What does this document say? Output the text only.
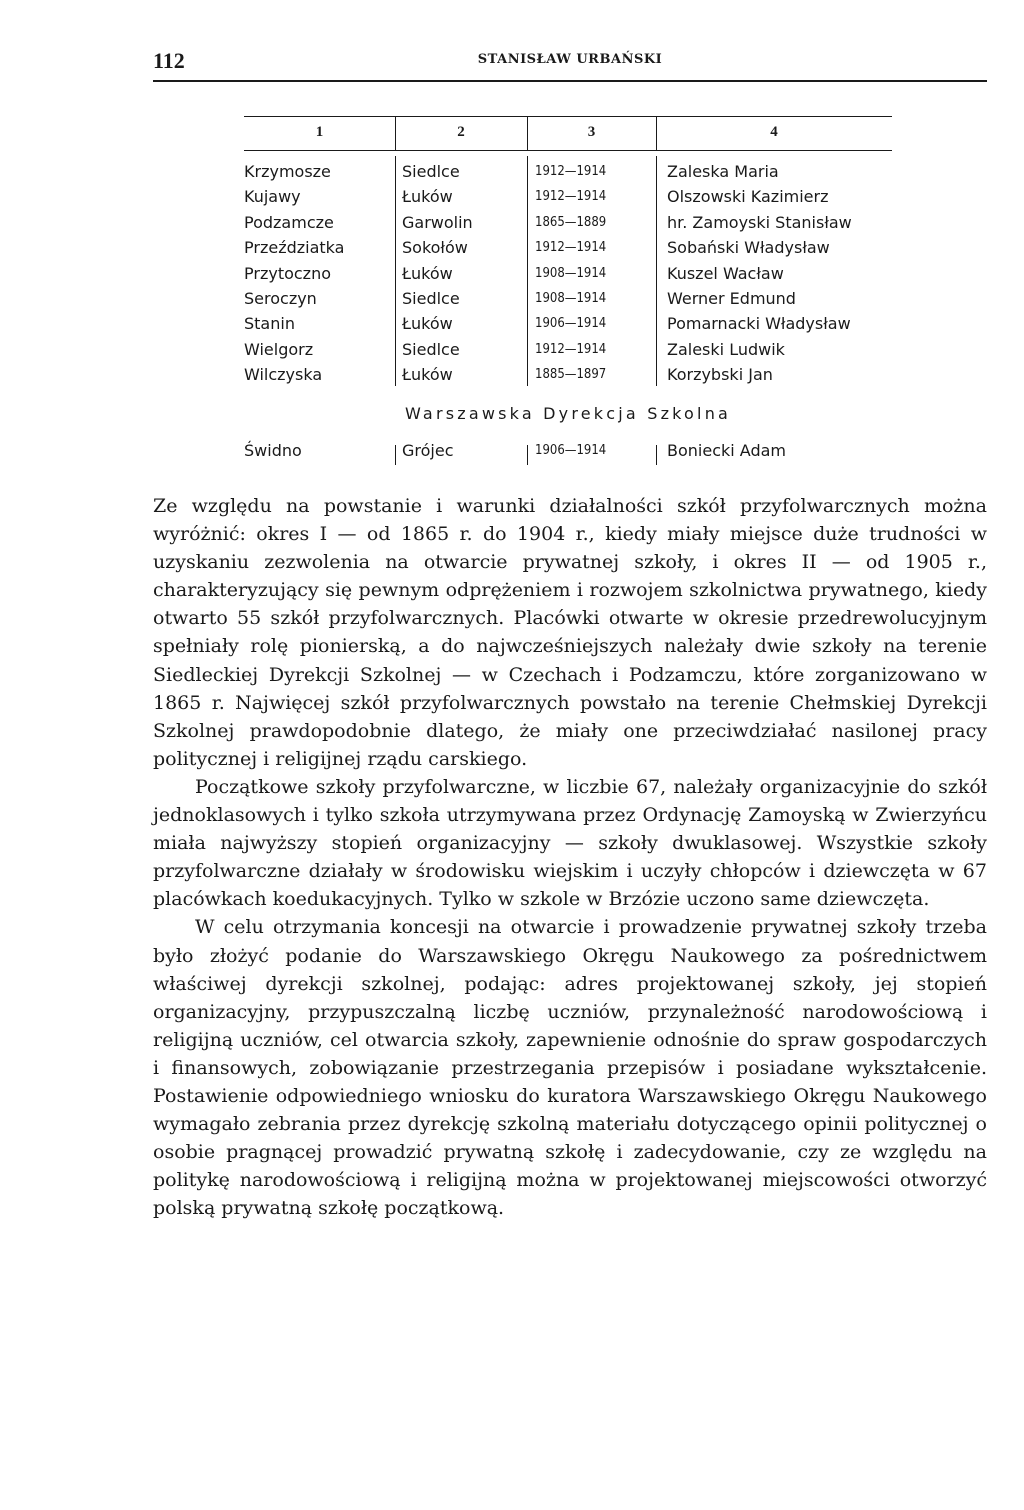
112	STANISŁAW URBAŃSKI
1	2	3	4
Krzymosze	Siedlce	1912—1914	Zaleska Maria
Kujawy	Łuków	1912—1914	Olszowski Kazimierz
Podzamcze	Garwolin	1865—1889	hr. Zamoyski Stanisław
Przeździatka	Sokołów	1912—1914	Sobański Władysław
Przytoczno	Łuków	1908—1914	Kuszel Wacław
Seroczyn	Siedlce	1908—1914	Werner Edmund
Stanin	Łuków	1906—1914	Pomarnacki Władysław
Wielgorz	Siedlce	1912—1914	Zaleski Ludwik
Wilczyska	Łuków	1885—1897	Korzybski Jan
Świdno	Grójec	1906—1914	Boniecki Adam
Warszawska Dyrekcja Szkolna

Ze względu na powstanie i warunki działalności szkół przyfolwarcznych można wyróżnić: okres I — od 1865 r. do 1904 r., kiedy miały miejsce duże trudności w uzyskaniu zezwolenia na otwarcie prywatnej szkoły, i okres II — od 1905 r., charakteryzujący się pewnym odprężeniem i rozwojem szkolnictwa prywatnego, kiedy otwarto 55 szkół przyfolwarcznych. Placówki otwarte w okresie przedrewolucyjnym spełniały rolę pionierską, a do najwcześniejszych należały dwie szkoły na terenie Siedleckiej Dyrekcji Szkolnej — w Czechach i Podzamczu, które zorganizowano w 1865 r. Najwięcej szkół przyfolwarcznych powstało na terenie Chełmskiej Dyrekcji Szkolnej prawdopodobnie dlatego, że miały one przeciwdziałać nasilonej pracy politycznej i religijnej rządu carskiego.

Początkowe szkoły przyfolwarczne, w liczbie 67, należały organizacyjnie do szkół jednoklasowych i tylko szkoła utrzymywana przez Ordynację Zamoyską w Zwierzyńcu miała najwyższy stopień organizacyjny — szkoły dwuklasowej. Wszystkie szkoły przyfolwarczne działały w środowisku wiejskim i uczyły chłopców i dziewczęta w 67 placówkach koedukacyjnych. Tylko w szkole w Brzózie uczono same dziewczęta.

W celu otrzymania koncesji na otwarcie i prowadzenie prywatnej szkoły trzeba było złożyć podanie do Warszawskiego Okręgu Naukowego za pośrednictwem właściwej dyrekcji szkolnej, podając: adres projektowanej szkoły, jej stopień organizacyjny, przypuszczalną liczbę uczniów, przynależność narodowościową i religijną uczniów, cel otwarcia szkoły, zapewnienie odnośnie do spraw gospodarczych i finansowych, zobowiązanie przestrzegania przepisów i posiadane wykształcenie. Postawienie odpowiedniego wniosku do kuratora Warszawskiego Okręgu Naukowego wymagało zebrania przez dyrekcję szkolną materiału dotyczącego opinii politycznej o osobie pragnącej prowadzić prywatną szkołę i zadecydowanie, czy ze względu na politykę narodowościową i religijną można w projektowanej miejscowości otworzyć polską prywatną szkołę początkową.
